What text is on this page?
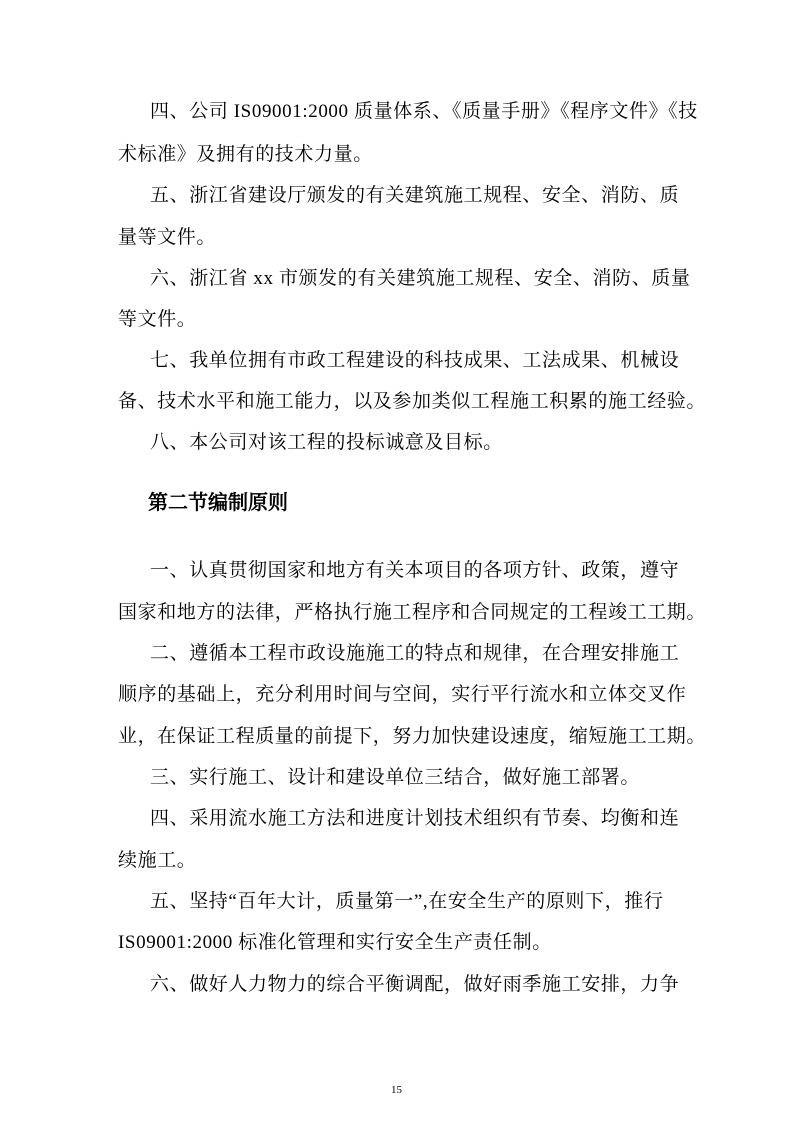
四、公司 IS09001:2000 质量体系、《质量手册》《程序文件》《技
术标准》及拥有的技术力量。
五、浙江省建设厅颁发的有关建筑施工规程、安全、消防、质
量等文件。
六、浙江省 xx 市颁发的有关建筑施工规程、安全、消防、质量
等文件。
七、我单位拥有市政工程建设的科技成果、工法成果、机械设
备、技术水平和施工能力，以及参加类似工程施工积累的施工经验。
八、本公司对该工程的投标诚意及目标。
第二节编制原则
一、认真贯彻国家和地方有关本项目的各项方针、政策，遵守
国家和地方的法律，严格执行施工程序和合同规定的工程竣工工期。
二、遵循本工程市政设施施工的特点和规律，在合理安排施工
顺序的基础上，充分利用时间与空间，实行平行流水和立体交叉作
业，在保证工程质量的前提下，努力加快建设速度，缩短施工工期。
三、实行施工、设计和建设单位三结合，做好施工部署。
四、采用流水施工方法和进度计划技术组织有节奏、均衡和连
续施工。
五、坚持“百年大计，质量第一”,在安全生产的原则下，推行
IS09001:2000 标准化管理和实行安全生产责任制。
六、做好人力物力的综合平衡调配，做好雨季施工安排，力争
15
